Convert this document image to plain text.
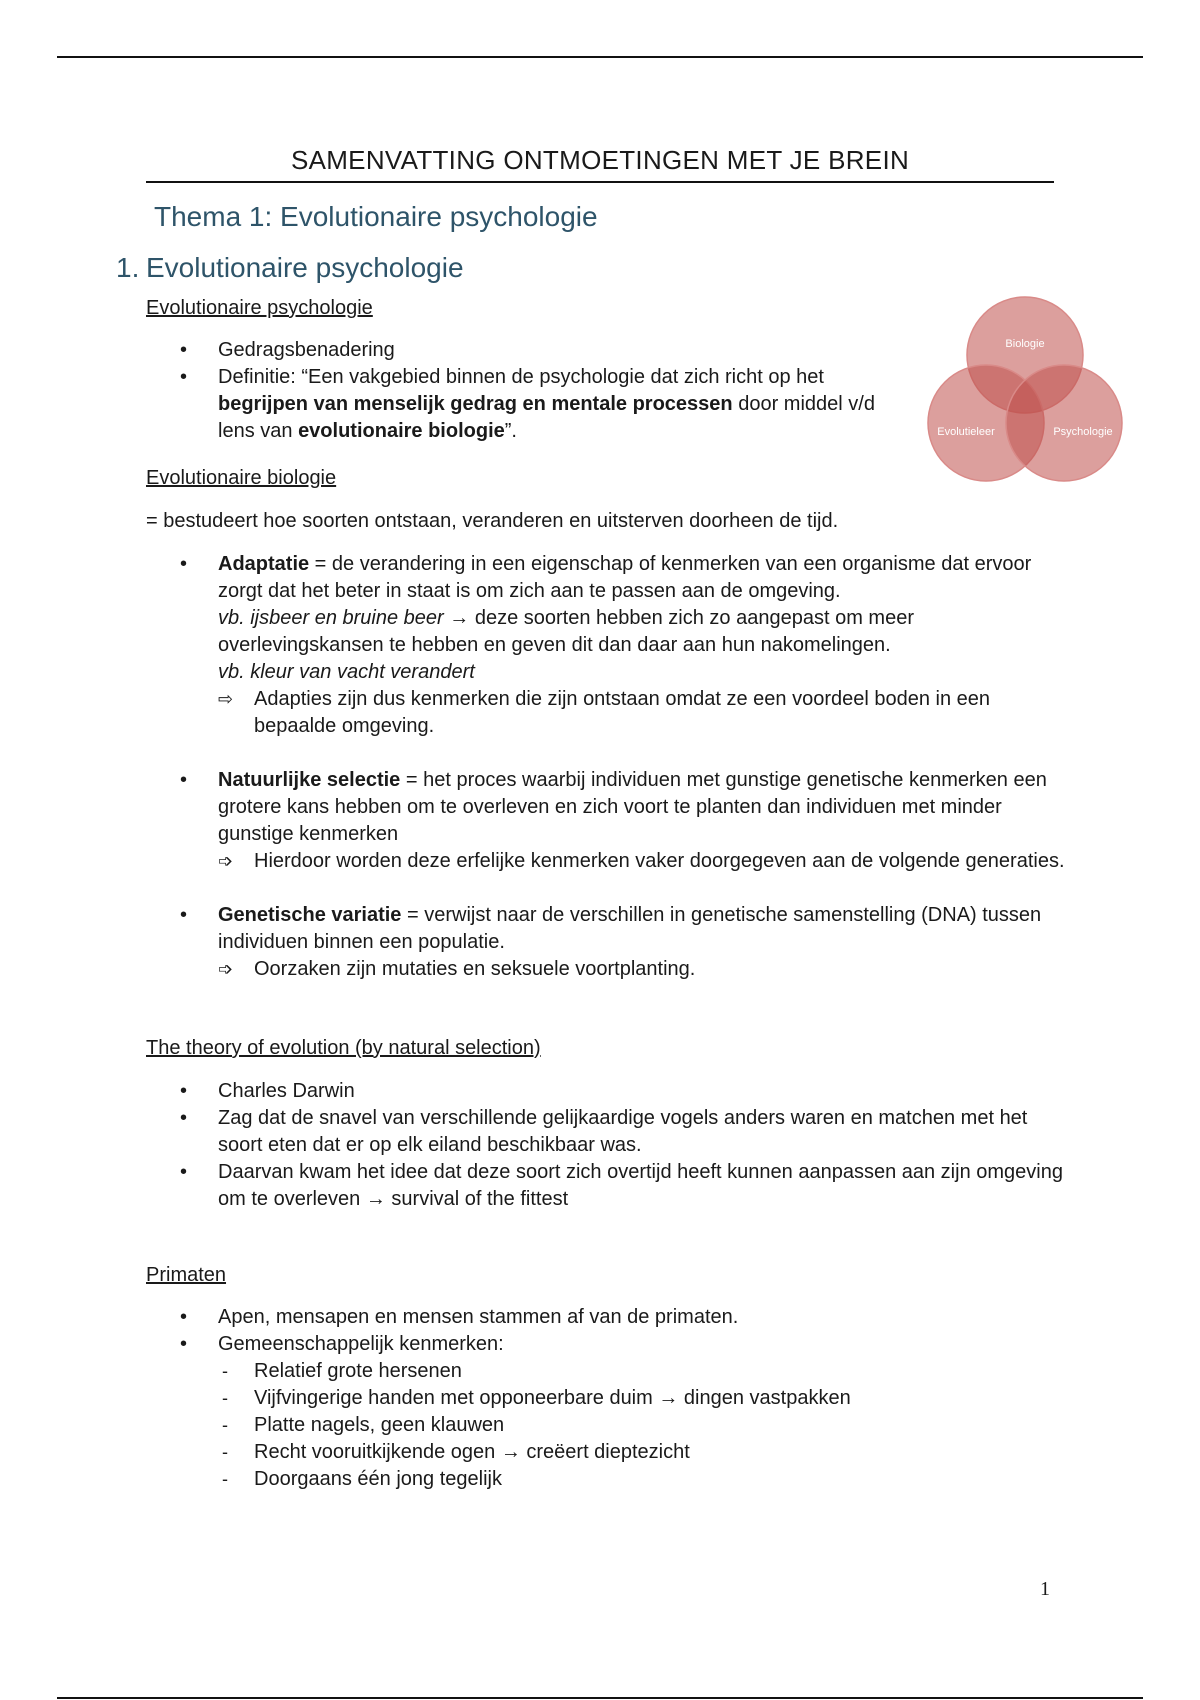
SAMENVATTING ONTMOETINGEN MET JE BREIN
Thema 1: Evolutionaire psychologie
1. Evolutionaire psychologie
Evolutionaire psychologie
• Gedragsbenadering
• Definitie: “Een vakgebied binnen de psychologie dat zich richt op het begrijpen van menselijk gedrag en mentale processen door middel v/d lens van evolutionaire biologie”.
Biologie
Evolutieleer	Psychologie
Evolutionaire biologie
= bestudeert hoe soorten ontstaan, veranderen en uitsterven doorheen de tijd.
• Adaptatie = de verandering in een eigenschap of kenmerken van een organisme dat ervoor zorgt dat het beter in staat is om zich aan te passen aan de omgeving.
vb. ijsbeer en bruine beer → deze soorten hebben zich zo aangepast om meer overlevingskansen te hebben en geven dit dan daar aan hun nakomelingen.
vb. kleur van vacht verandert
⇨ Adapties zijn dus kenmerken die zijn ontstaan omdat ze een voordeel boden in een bepaalde omgeving.
• Natuurlijke selectie = het proces waarbij individuen met gunstige genetische kenmerken een grotere kans hebben om te overleven en zich voort te planten dan individuen met minder gunstige kenmerken
➩ Hierdoor worden deze erfelijke kenmerken vaker doorgegeven aan de volgende generaties.
• Genetische variatie = verwijst naar de verschillen in genetische samenstelling (DNA) tussen individuen binnen een populatie.
➩ Oorzaken zijn mutaties en seksuele voortplanting.
The theory of evolution (by natural selection)
• Charles Darwin
• Zag dat de snavel van verschillende gelijkaardige vogels anders waren en matchen met het soort eten dat er op elk eiland beschikbaar was.
• Daarvan kwam het idee dat deze soort zich overtijd heeft kunnen aanpassen aan zijn omgeving om te overleven → survival of the fittest
Primaten
• Apen, mensapen en mensen stammen af van de primaten.
• Gemeenschappelijk kenmerken:
- Relatief grote hersenen
- Vijfvingerige handen met opponeerbare duim → dingen vastpakken
- Platte nagels, geen klauwen
- Recht vooruitkijkende ogen → creëert dieptezicht
- Doorgaans één jong tegelijk
1
